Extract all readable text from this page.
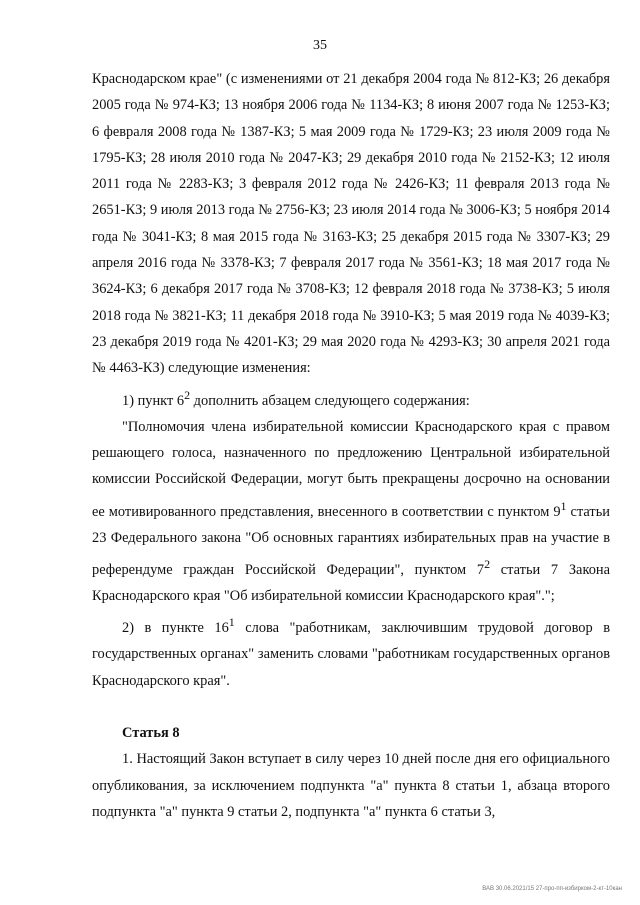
35

Краснодарском крае" (с изменениями от 21 декабря 2004 года № 812-КЗ; 26 декабря 2005 года № 974-КЗ; 13 ноября 2006 года № 1134-КЗ; 8 июня 2007 года № 1253-КЗ; 6 февраля 2008 года № 1387-КЗ; 5 мая 2009 года № 1729-КЗ; 23 июля 2009 года № 1795-КЗ; 28 июля 2010 года № 2047-КЗ; 29 декабря 2010 года № 2152-КЗ; 12 июля 2011 года № 2283-КЗ; 3 февраля 2012 года № 2426-КЗ; 11 февраля 2013 года № 2651-КЗ; 9 июля 2013 года № 2756-КЗ; 23 июля 2014 года № 3006-КЗ; 5 ноября 2014 года № 3041-КЗ; 8 мая 2015 года № 3163-КЗ; 25 декабря 2015 года № 3307-КЗ; 29 апреля 2016 года № 3378-КЗ; 7 февраля 2017 года № 3561-КЗ; 18 мая 2017 года № 3624-КЗ; 6 декабря 2017 года № 3708-КЗ; 12 февраля 2018 года № 3738-КЗ; 5 июля 2018 года № 3821-КЗ; 11 декабря 2018 года № 3910-КЗ; 5 мая 2019 года № 4039-КЗ; 23 декабря 2019 года № 4201-КЗ; 29 мая 2020 года № 4293-КЗ; 30 апреля 2021 года № 4463-КЗ) следующие изменения:

1) пункт $6^2$ дополнить абзацем следующего содержания:

"Полномочия члена избирательной комиссии Краснодарского края с правом решающего голоса, назначенного по предложению Центральной избирательной комиссии Российской Федерации, могут быть прекращены досрочно на основании ее мотивированного представления, внесенного в соответствии с пунктом $9^1$ статьи 23 Федерального закона "Об основных гарантиях избирательных прав на участие в референдуме граждан Российской Федерации", пунктом $7^2$ статьи 7 Закона Краснодарского края "Об избирательной комиссии Краснодарского края".";

2) в пункте $16^1$ слова "работникам, заключившим трудовой договор в государственных органах" заменить словами "работникам государственных органов Краснодарского края".

Статья 8

1. Настоящий Закон вступает в силу через 10 дней после дня его официального опубликования, за исключением подпункта "а" пункта 8 статьи 1, абзаца второго подпункта "а" пункта 9 статьи 2, подпункта "а" пункта 6 статьи 3,

ВАВ 30.06.2021/15 27-про-пп-избирком-2-кт-10кан
